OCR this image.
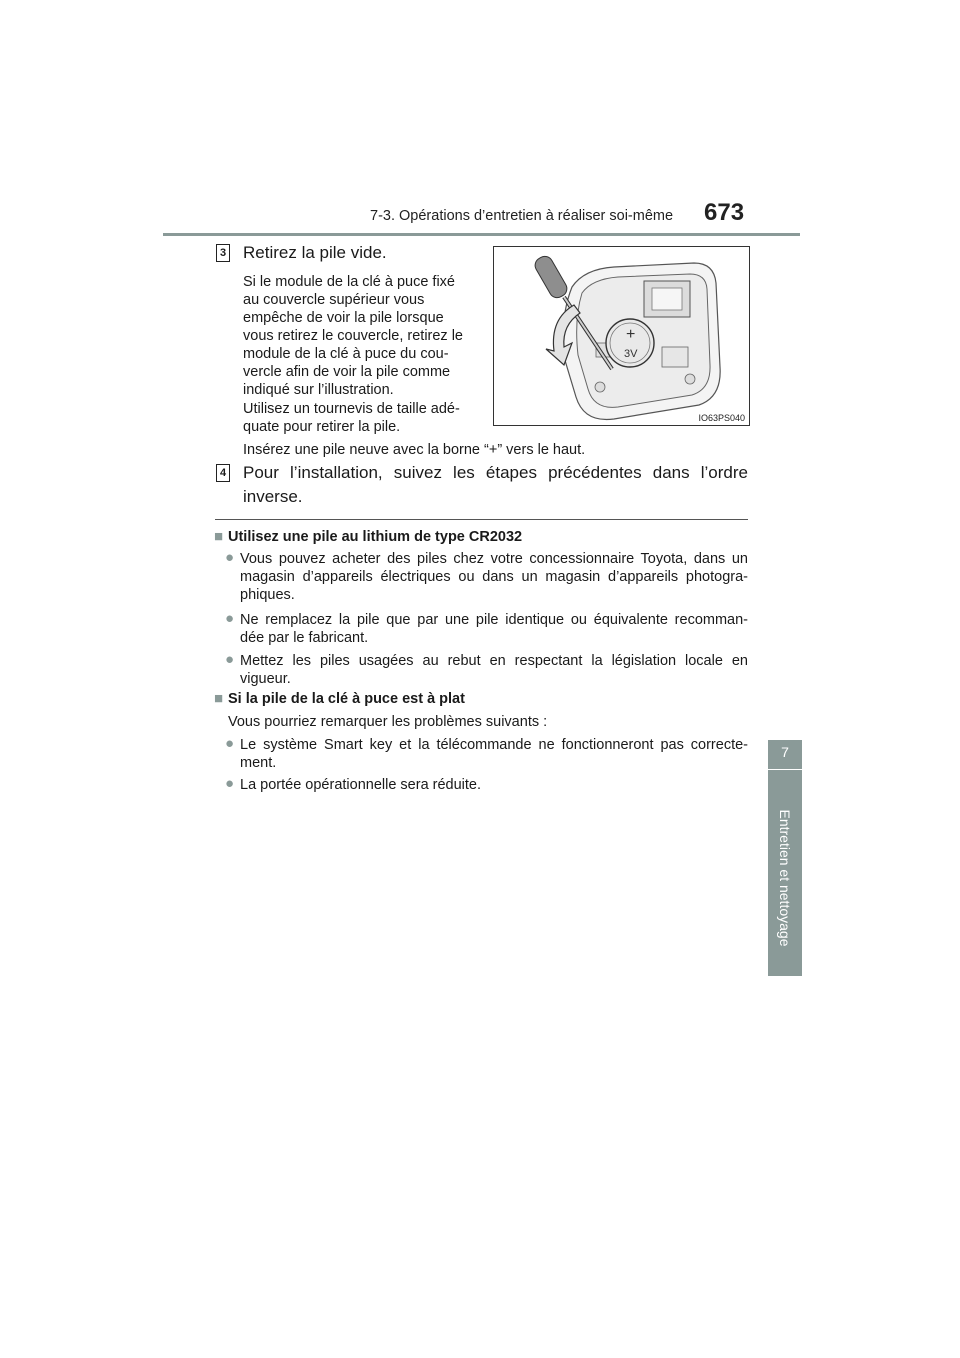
7-3. Opérations d’entretien à réaliser soi-même 673
7
Entretien et nettoyage
3 Retirez la pile vide.
Si le module de la clé à puce fixé
au couvercle supérieur vous
empêche de voir la pile lorsque
vous retirez le couvercle, retirez le
module de la clé à puce du cou-
vercle afin de voir la pile comme
indiqué sur l’illustration.
Utilisez un tournevis de taille adé-
quate pour retirer la pile.
Insérez une pile neuve avec la borne “+” vers le haut.
+
3V
IO63PS040
4 Pour l’installation, suivez les étapes précédentes dans l’ordre
inverse.
■ Utilisez une pile au lithium de type CR2032
● Vous pouvez acheter des piles chez votre concessionnaire Toyota, dans un
magasin d’appareils électriques ou dans un magasin d’appareils photogra-
phiques.
● Ne remplacez la pile que par une pile identique ou équivalente recomman-
dée par le fabricant.
● Mettez les piles usagées au rebut en respectant la législation locale en
vigueur.
■ Si la pile de la clé à puce est à plat
Vous pourriez remarquer les problèmes suivants :
● Le système Smart key et la télécommande ne fonctionneront pas correcte-
ment.
● La portée opérationnelle sera réduite.
